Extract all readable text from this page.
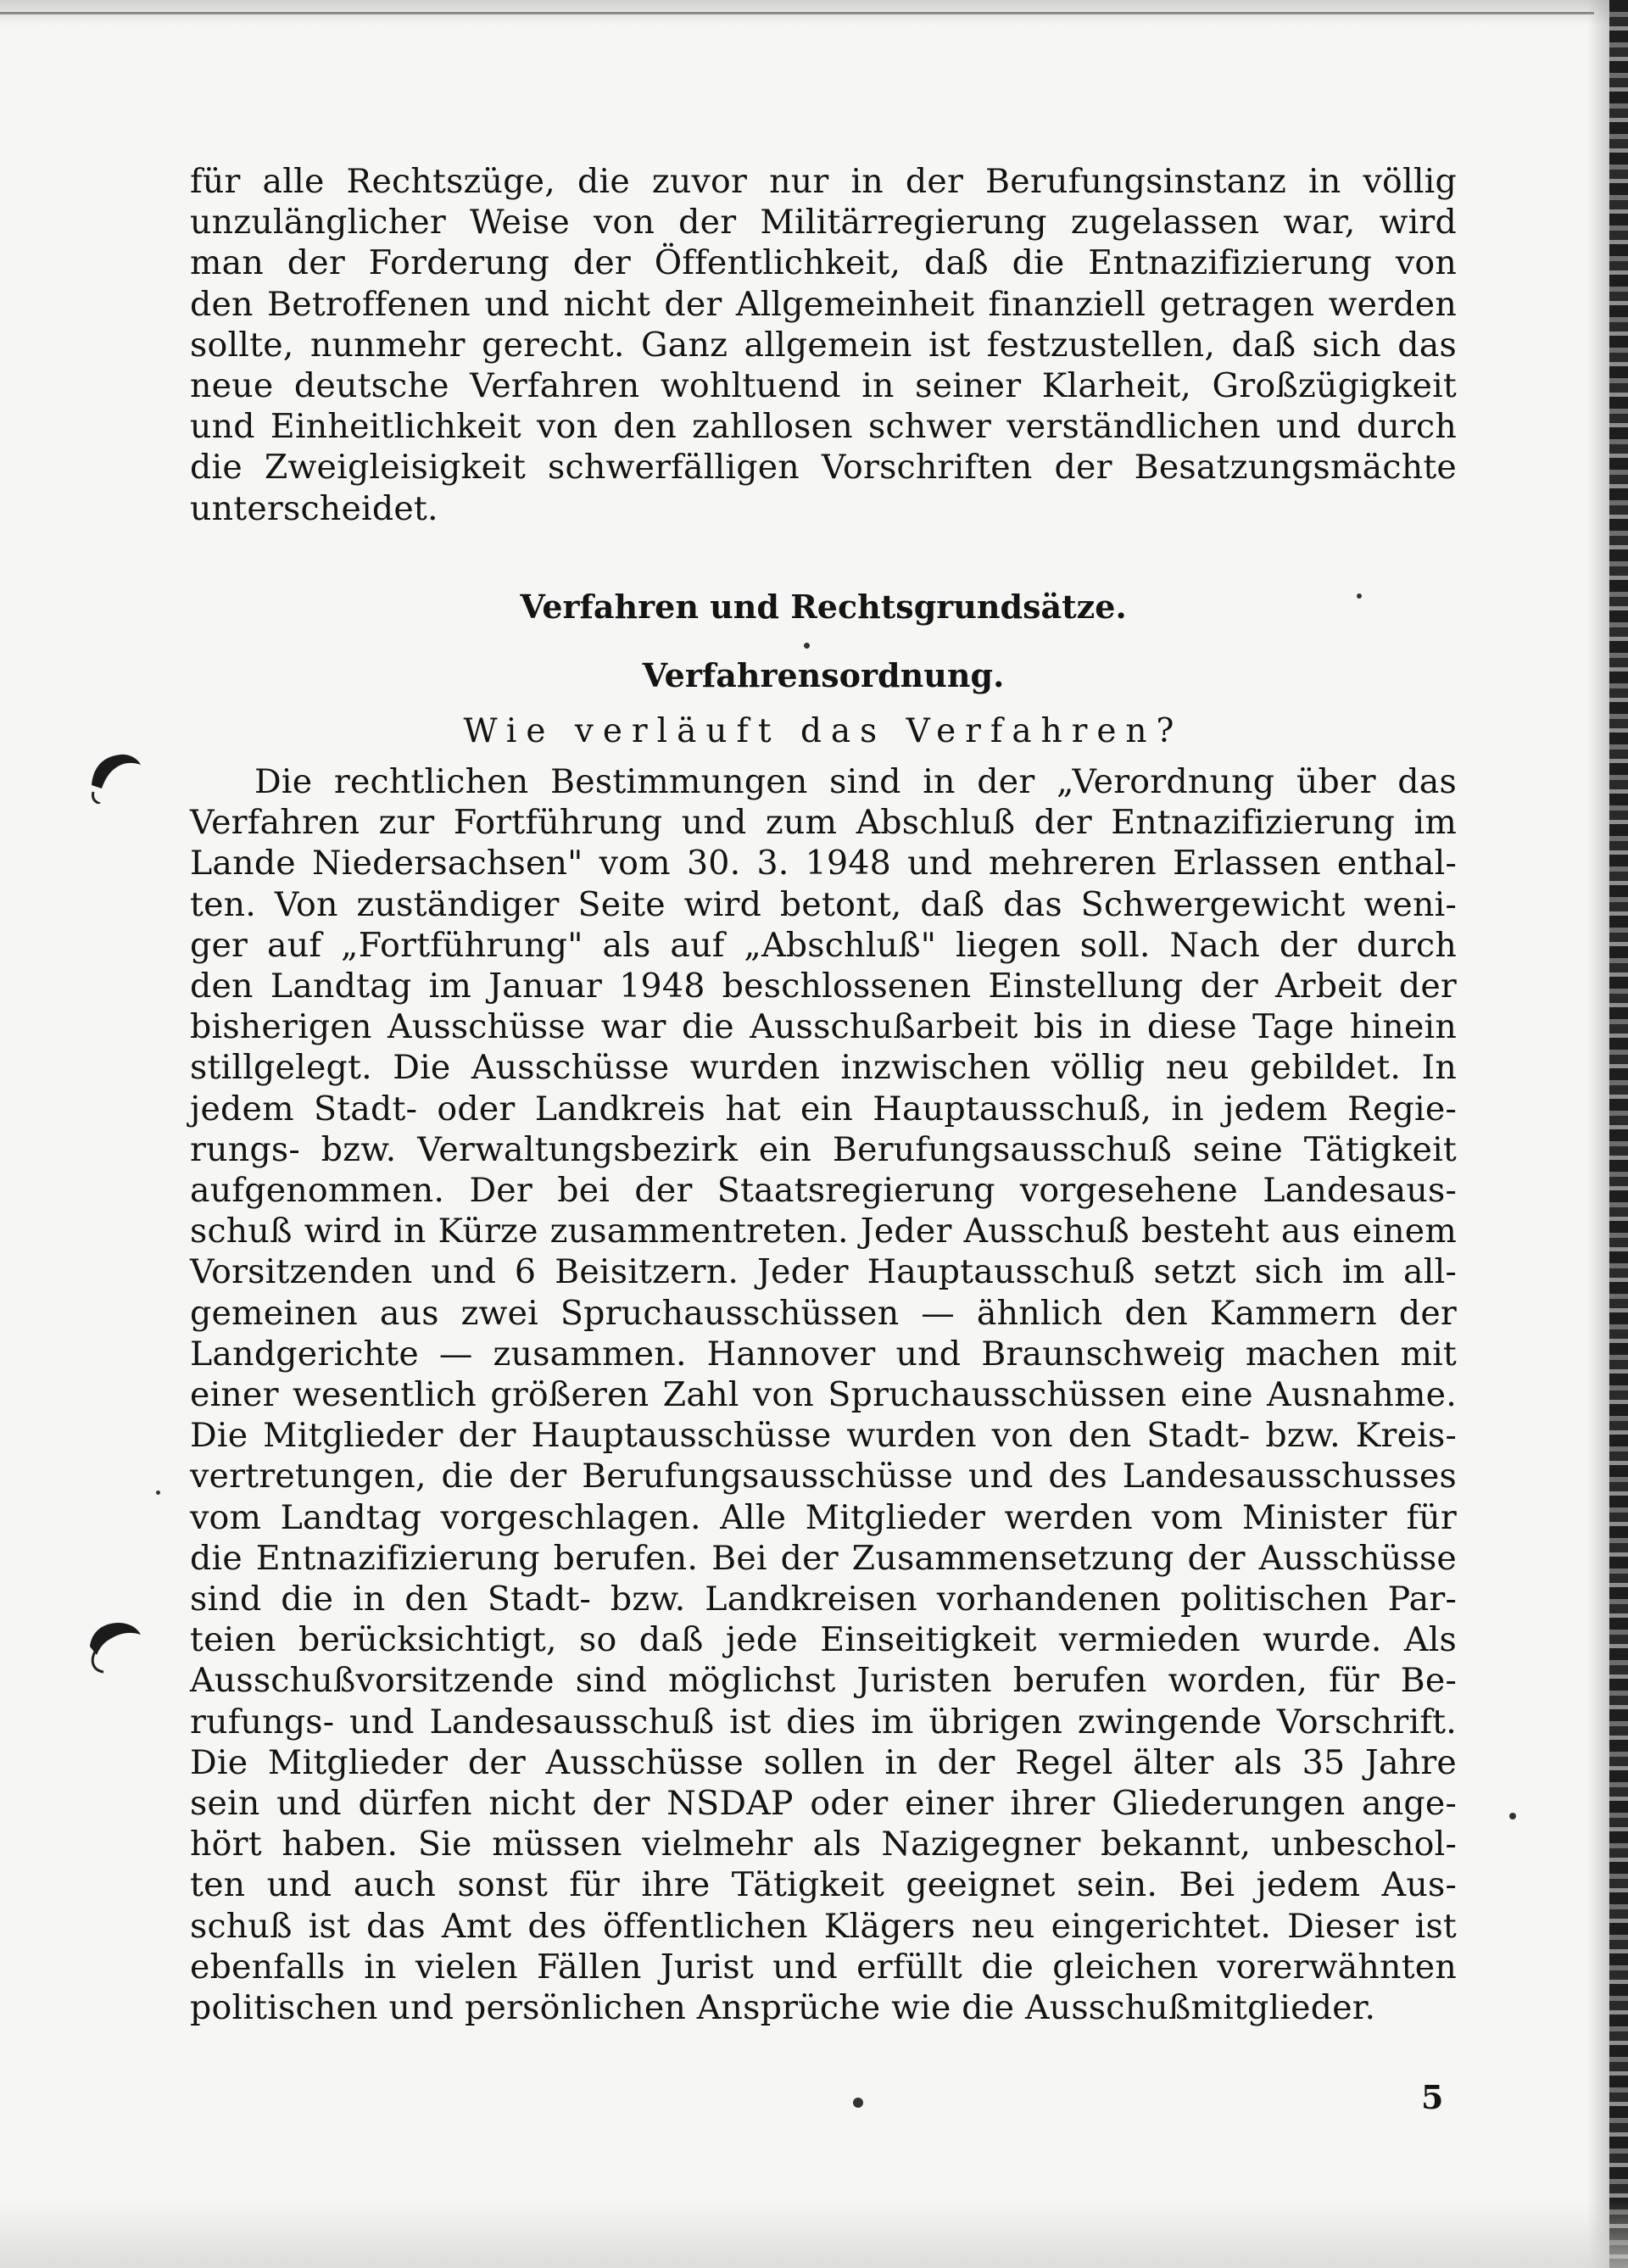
für alle Rechtszüge, die zuvor nur in der Berufungsinstanz in völlig
unzulänglicher Weise von der Militärregierung zugelassen war, wird
man der Forderung der Öffentlichkeit, daß die Entnazifizierung von
den Betroffenen und nicht der Allgemeinheit finanziell getragen werden
sollte, nunmehr gerecht. Ganz allgemein ist festzustellen, daß sich das
neue deutsche Verfahren wohltuend in seiner Klarheit, Großzügigkeit
und Einheitlichkeit von den zahllosen schwer verständlichen und durch
die Zweigleisigkeit schwerfälligen Vorschriften der Besatzungsmächte
unterscheidet.
Verfahren und Rechtsgrundsätze.
Verfahrensordnung.
Wie verläuft das Verfahren?
Die rechtlichen Bestimmungen sind in der „Verordnung über das
Verfahren zur Fortführung und zum Abschluß der Entnazifizierung im
Lande Niedersachsen" vom 30. 3. 1948 und mehreren Erlassen enthal-
ten. Von zuständiger Seite wird betont, daß das Schwergewicht weni-
ger auf „Fortführung" als auf „Abschluß" liegen soll. Nach der durch
den Landtag im Januar 1948 beschlossenen Einstellung der Arbeit der
bisherigen Ausschüsse war die Ausschußarbeit bis in diese Tage hinein
stillgelegt. Die Ausschüsse wurden inzwischen völlig neu gebildet. In
jedem Stadt- oder Landkreis hat ein Hauptausschuß, in jedem Regie-
rungs- bzw. Verwaltungsbezirk ein Berufungsausschuß seine Tätigkeit
aufgenommen. Der bei der Staatsregierung vorgesehene Landesaus-
schuß wird in Kürze zusammentreten. Jeder Ausschuß besteht aus einem
Vorsitzenden und 6 Beisitzern. Jeder Hauptausschuß setzt sich im all-
gemeinen aus zwei Spruchausschüssen — ähnlich den Kammern der
Landgerichte — zusammen. Hannover und Braunschweig machen mit
einer wesentlich größeren Zahl von Spruchausschüssen eine Ausnahme.
Die Mitglieder der Hauptausschüsse wurden von den Stadt- bzw. Kreis-
vertretungen, die der Berufungsausschüsse und des Landesausschusses
vom Landtag vorgeschlagen. Alle Mitglieder werden vom Minister für
die Entnazifizierung berufen. Bei der Zusammensetzung der Ausschüsse
sind die in den Stadt- bzw. Landkreisen vorhandenen politischen Par-
teien berücksichtigt, so daß jede Einseitigkeit vermieden wurde. Als
Ausschußvorsitzende sind möglichst Juristen berufen worden, für Be-
rufungs- und Landesausschuß ist dies im übrigen zwingende Vorschrift.
Die Mitglieder der Ausschüsse sollen in der Regel älter als 35 Jahre
sein und dürfen nicht der NSDAP oder einer ihrer Gliederungen ange-
hört haben. Sie müssen vielmehr als Nazigegner bekannt, unbeschol-
ten und auch sonst für ihre Tätigkeit geeignet sein. Bei jedem Aus-
schuß ist das Amt des öffentlichen Klägers neu eingerichtet. Dieser ist
ebenfalls in vielen Fällen Jurist und erfüllt die gleichen vorerwähnten
politischen und persönlichen Ansprüche wie die Ausschußmitglieder.
5
